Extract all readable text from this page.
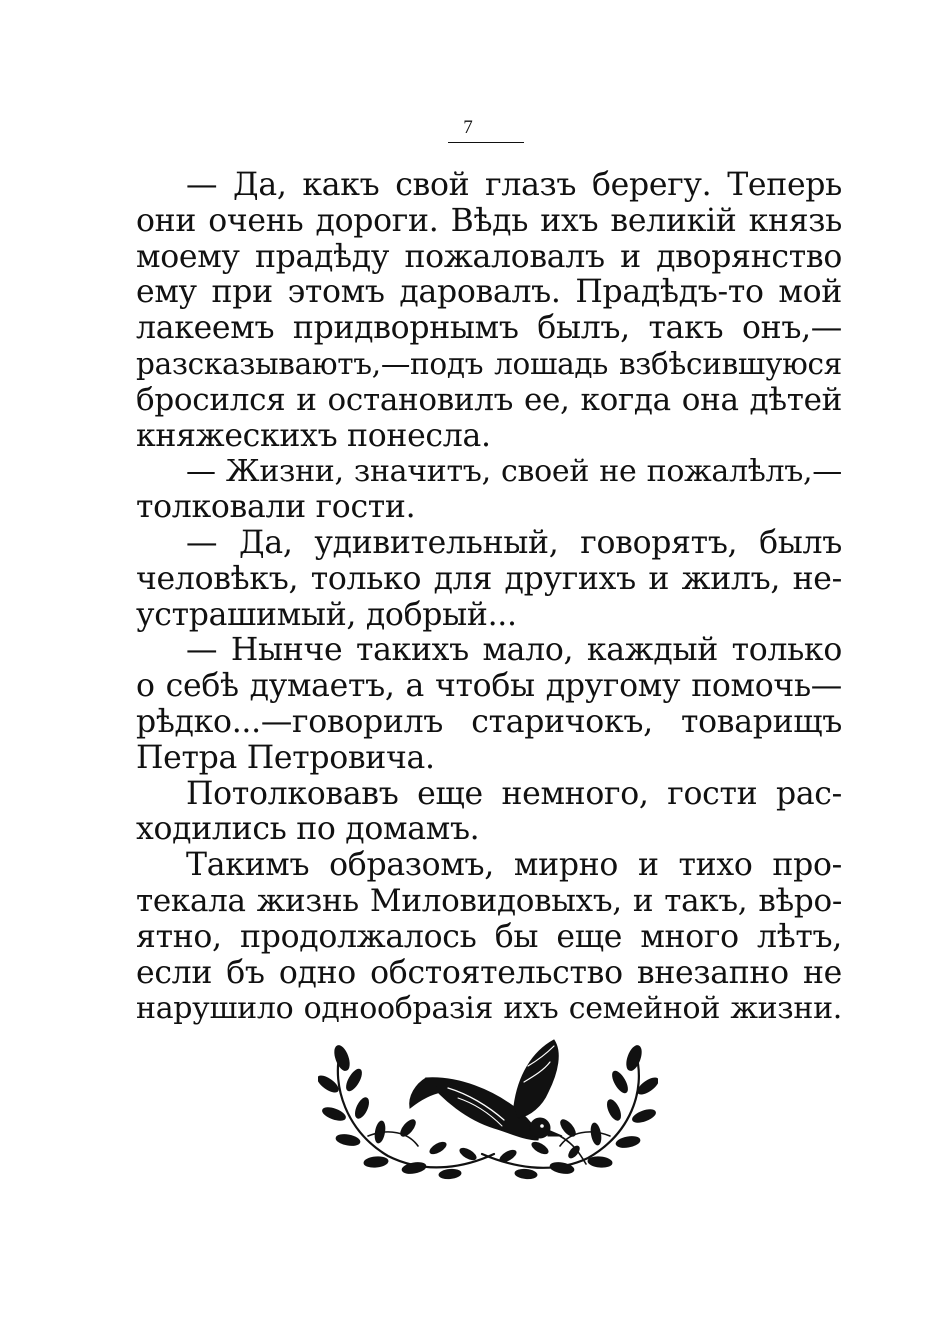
7
— Да, какъ свой глазъ берегу. Теперь
они очень дороги. Вѣдь ихъ великій князь
моему прадѣду пожаловалъ и дворянство
ему при этомъ даровалъ. Прадѣдъ-то мой
лакеемъ придворнымъ былъ, такъ онъ,—
разсказываютъ,—подъ лошадь взбѣсившуюся
бросился и остановилъ ее, когда она дѣтей
княжескихъ понесла.
— Жизни, значитъ, своей не пожалѣлъ,—
толковали гости.
— Да, удивительный, говорятъ, былъ
человѣкъ, только для другихъ и жилъ, не-
устрашимый, добрый...
— Нынче такихъ мало, каждый только
о себѣ думаетъ, а чтобы другому помочь—
рѣдко...—говорилъ старичокъ, товарищъ
Петра Петровича.
Потолковавъ еще немного, гости рас-
ходились по домамъ.
Такимъ образомъ, мирно и тихо про-
текала жизнь Миловидовыхъ, и такъ, вѣро-
ятно, продолжалось бы еще много лѣтъ,
если бъ одно обстоятельство внезапно не
нарушило однообразія ихъ семейной жизни.
